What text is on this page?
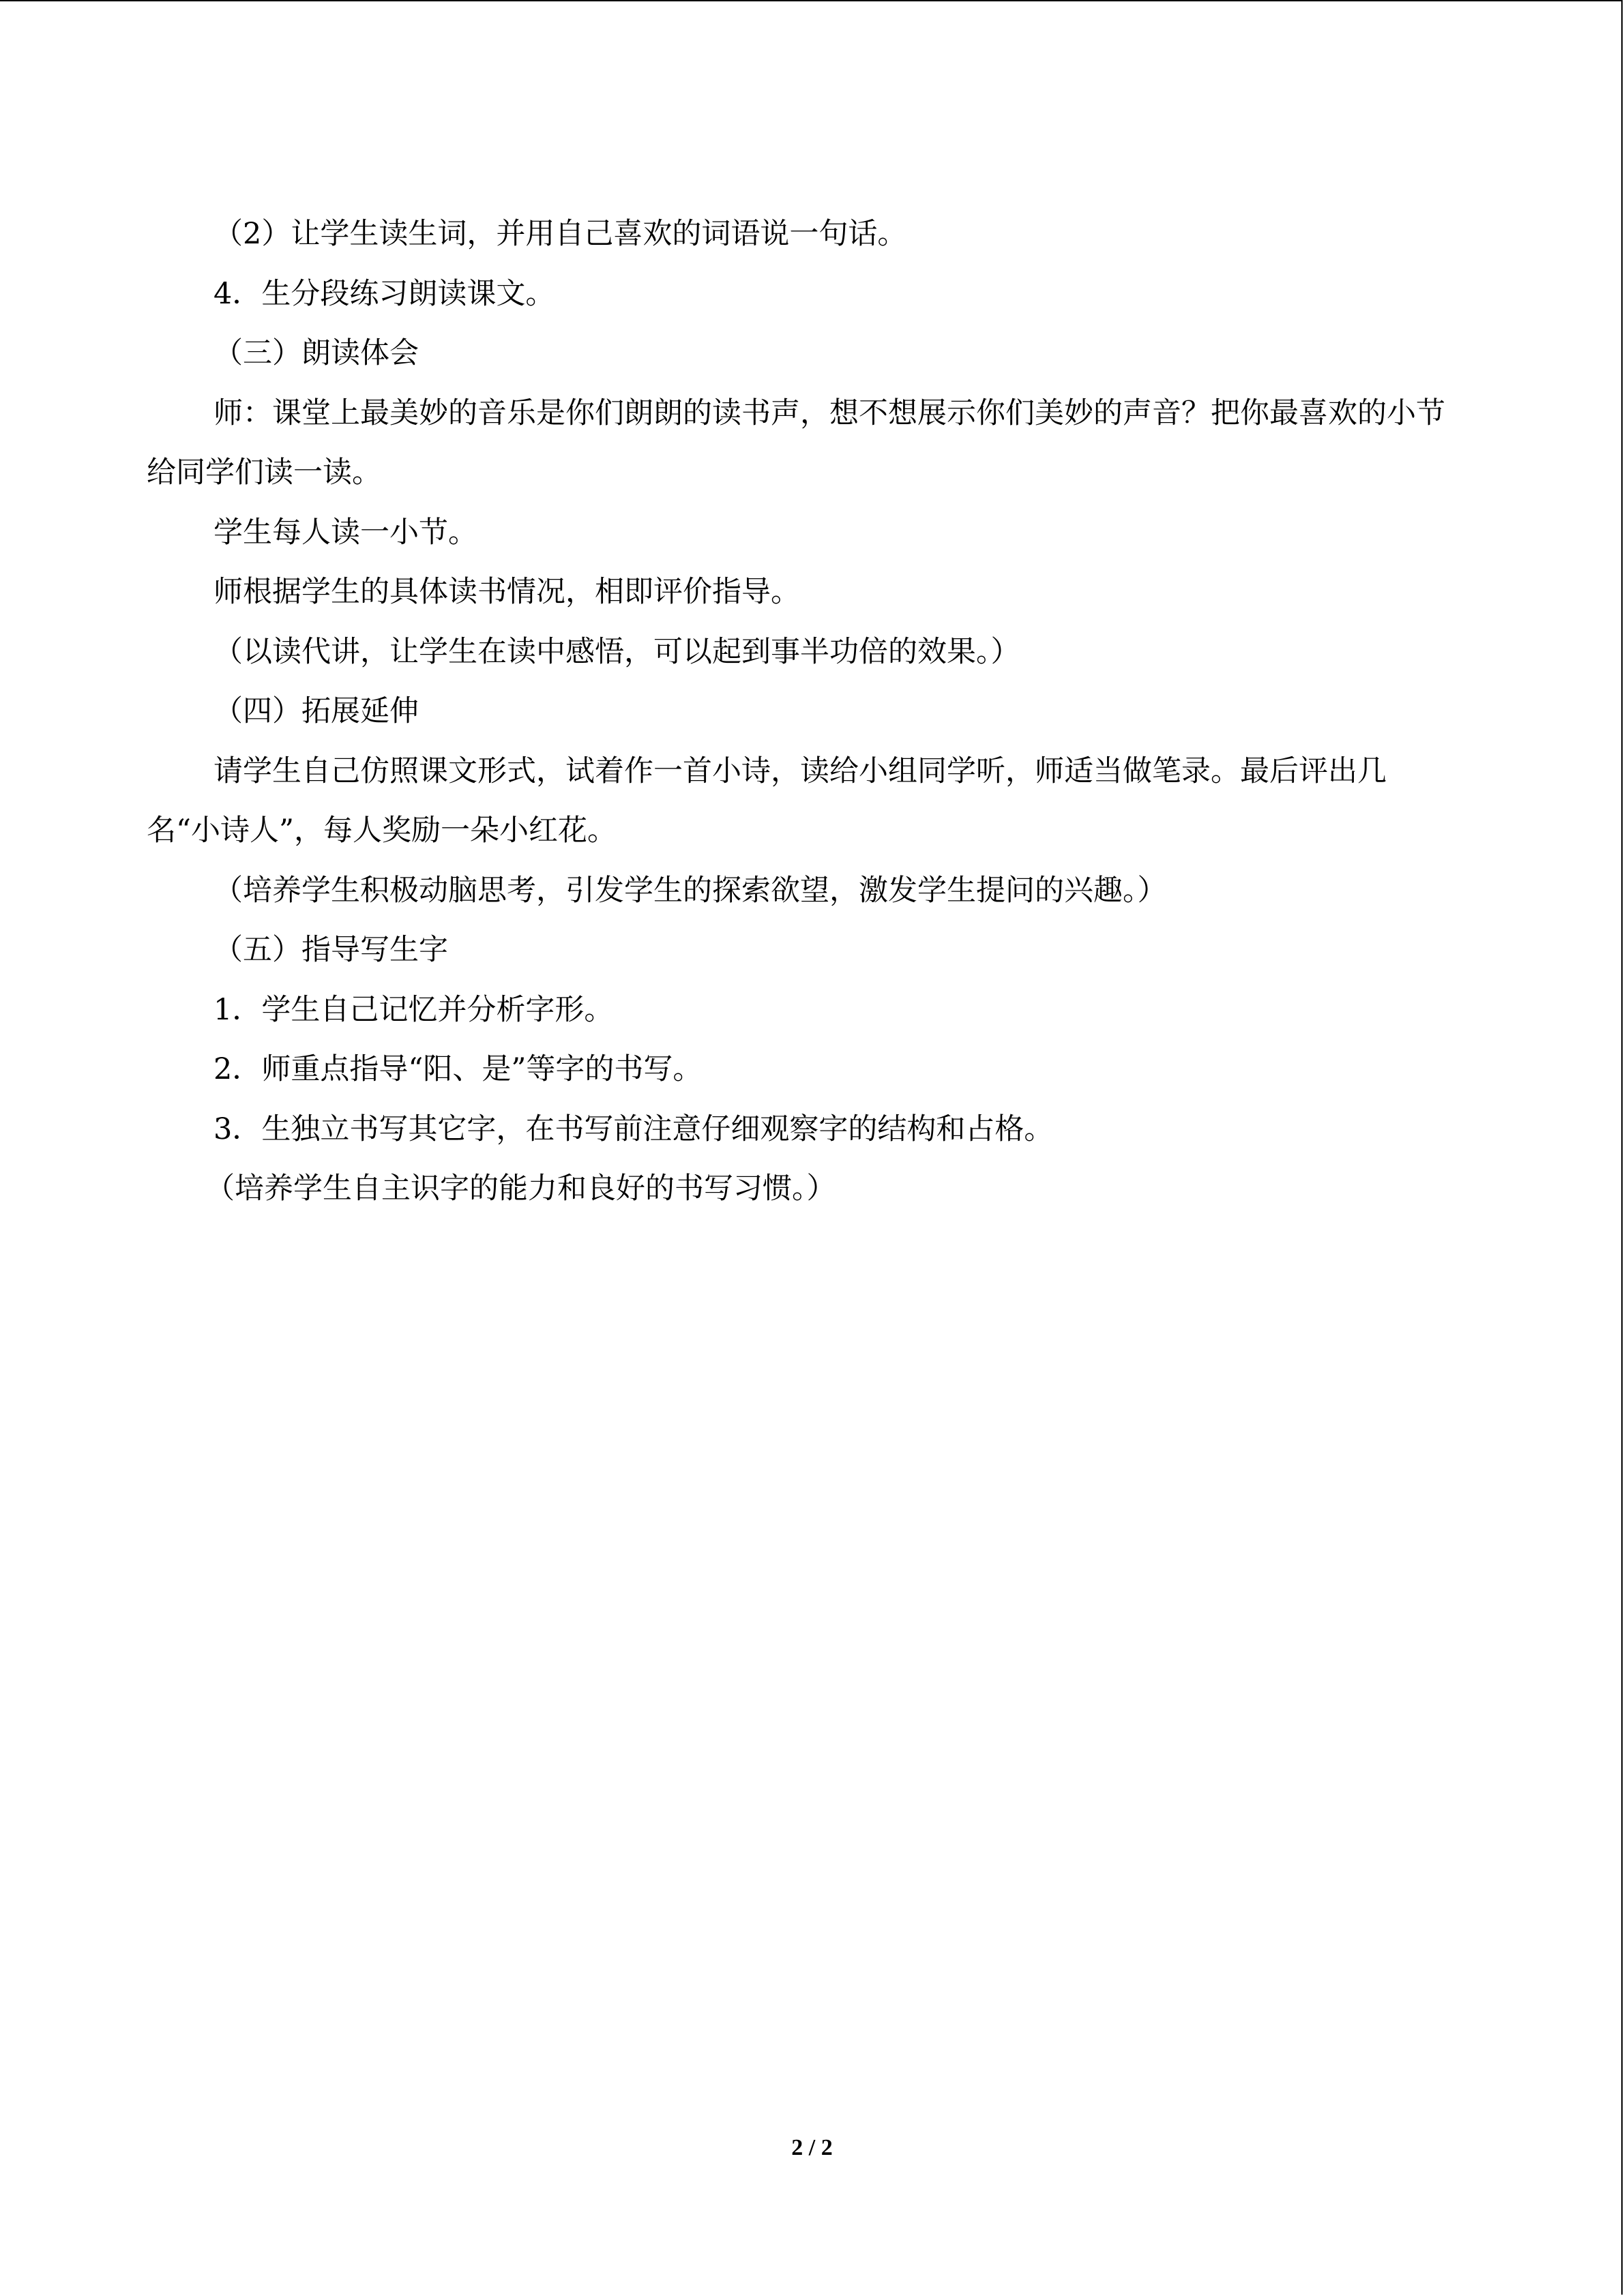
（2）让学生读生词，并用自己喜欢的词语说一句话。

4．生分段练习朗读课文。

（三）朗读体会

师：课堂上最美妙的音乐是你们朗朗的读书声，想不想展示你们美妙的声音？把你最喜欢的小节给同学们读一读。

学生每人读一小节。

师根据学生的具体读书情况，相即评价指导。

（以读代讲，让学生在读中感悟，可以起到事半功倍的效果。）

（四）拓展延伸

请学生自己仿照课文形式，试着作一首小诗，读给小组同学听，师适当做笔录。最后评出几名“小诗人”，每人奖励一朵小红花。

（培养学生积极动脑思考，引发学生的探索欲望，激发学生提问的兴趣。）

（五）指导写生字

1．学生自己记忆并分析字形。

2．师重点指导“阳、是”等字的书写。

3．生独立书写其它字，在书写前注意仔细观察字的结构和占格。

（培养学生自主识字的能力和良好的书写习惯。）

2 / 2
